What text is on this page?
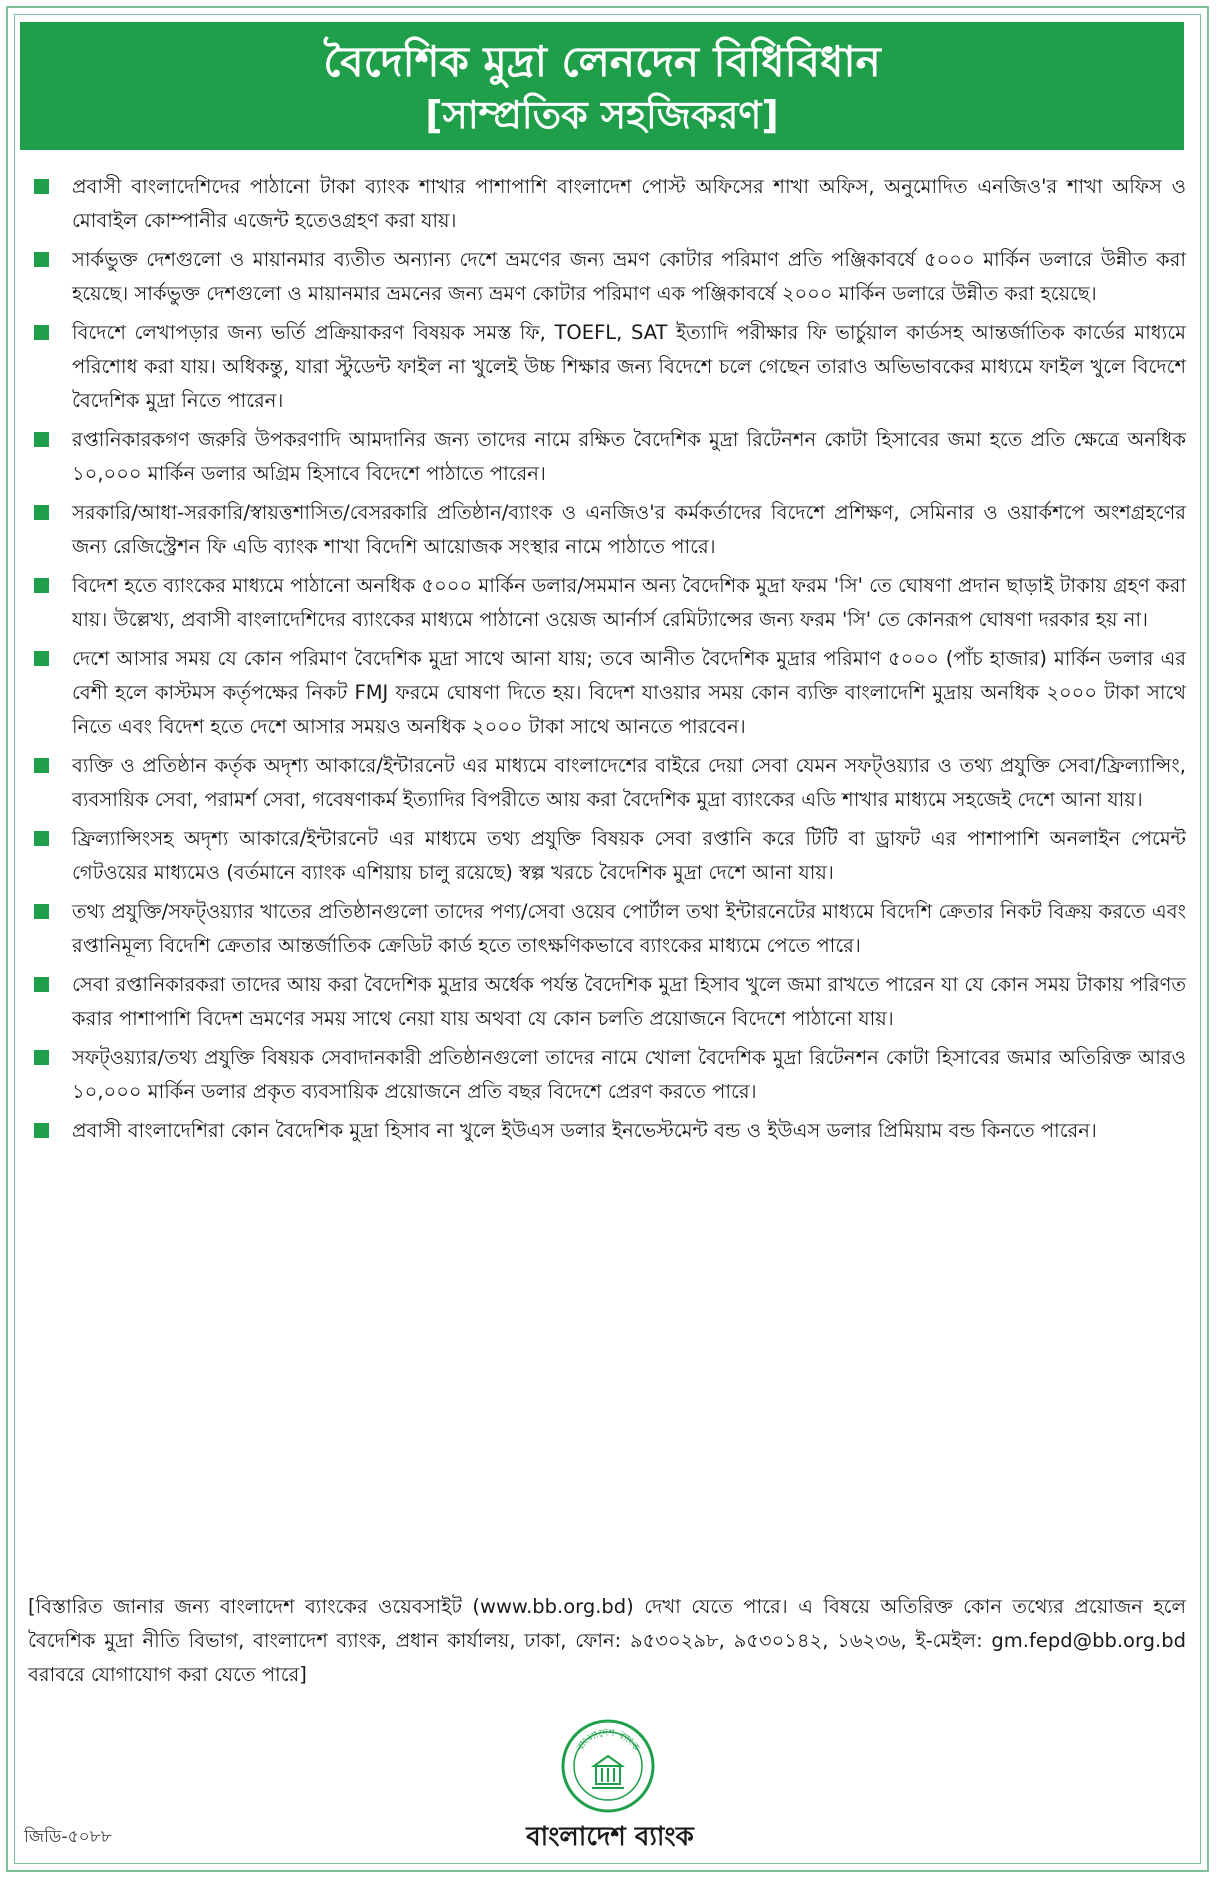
বৈদেশিক মুদ্রা লেনদেন বিধিবিধান
[সাম্প্রতিক সহজিকরণ]
প্রবাসী বাংলাদেশিদের পাঠানো টাকা ব্যাংক শাখার পাশাপাশি বাংলাদেশ পোস্ট অফিসের শাখা অফিস, অনুমোদিত এনজিও'র শাখা অফিস ও মোবাইল কোম্পানীর এজেন্ট হতেওগ্রহণ করা যায়।
সার্কভুক্ত দেশগুলো ও মায়ানমার ব্যতীত অন্যান্য দেশে ভ্রমণের জন্য ভ্রমণ কোটার পরিমাণ প্রতি পঞ্জিকাবর্ষে ৫০০০ মার্কিন ডলারে উন্নীত করা হয়েছে। সার্কভুক্ত দেশগুলো ও মায়ানমার ভ্রমনের জন্য ভ্রমণ কোটার পরিমাণ এক পঞ্জিকাবর্ষে ২০০০ মার্কিন ডলারে উন্নীত করা হয়েছে।
বিদেশে লেখাপড়ার জন্য ভর্তি প্রক্রিয়াকরণ বিষয়ক সমস্ত ফি, TOEFL, SAT ইত্যাদি পরীক্ষার ফি ভার্চুয়াল কার্ডসহ আন্তর্জাতিক কার্ডের মাধ্যমে পরিশোধ করা যায়। অধিকন্তু, যারা স্টুডেন্ট ফাইল না খুলেই উচ্চ শিক্ষার জন্য বিদেশে চলে গেছেন তারাও অভিভাবকের মাধ্যমে ফাইল খুলে বিদেশে বৈদেশিক মুদ্রা নিতে পারেন।
রপ্তানিকারকগণ জরুরি উপকরণাদি আমদানির জন্য তাদের নামে রক্ষিত বৈদেশিক মুদ্রা রিটেনশন কোটা হিসাবের জমা হতে প্রতি ক্ষেত্রে অনধিক ১০,০০০ মার্কিন ডলার অগ্রিম হিসাবে বিদেশে পাঠাতে পারেন।
সরকারি/আধা-সরকারি/স্বায়ত্তশাসিত/বেসরকারি প্রতিষ্ঠান/ব্যাংক ও এনজিও'র কর্মকর্তাদের বিদেশে প্রশিক্ষণ, সেমিনার ও ওয়ার্কশপে অংশগ্রহণের জন্য রেজিস্ট্রেশন ফি এডি ব্যাংক শাখা বিদেশি আয়োজক সংস্থার নামে পাঠাতে পারে।
বিদেশ হতে ব্যাংকের মাধ্যমে পাঠানো অনধিক ৫০০০ মার্কিন ডলার/সমমান অন্য বৈদেশিক মুদ্রা ফরম 'সি' তে ঘোষণা প্রদান ছাড়াই টাকায় গ্রহণ করা যায়। উল্লেখ্য, প্রবাসী বাংলাদেশিদের ব্যাংকের মাধ্যমে পাঠানো ওয়েজ আর্নার্স রেমিট্যান্সের জন্য ফরম 'সি' তে কোনরূপ ঘোষণা দরকার হয় না।
দেশে আসার সময় যে কোন পরিমাণ বৈদেশিক মুদ্রা সাথে আনা যায়; তবে আনীত বৈদেশিক মুদ্রার পরিমাণ ৫০০০ (পাঁচ হাজার) মার্কিন ডলার এর বেশী হলে কাস্টমস কর্তৃপক্ষের নিকট FMJ ফরমে ঘোষণা দিতে হয়। বিদেশ যাওয়ার সময় কোন ব্যক্তি বাংলাদেশি মুদ্রায় অনধিক ২০০০ টাকা সাথে নিতে এবং বিদেশ হতে দেশে আসার সময়ও অনধিক ২০০০ টাকা সাথে আনতে পারবেন।
ব্যক্তি ও প্রতিষ্ঠান কর্তৃক অদৃশ্য আকারে/ইন্টারনেট এর মাধ্যমে বাংলাদেশের বাইরে দেয়া সেবা যেমন সফট্ওয়্যার ও তথ্য প্রযুক্তি সেবা/ফ্রিল্যান্সিং, ব্যবসায়িক সেবা, পরামর্শ সেবা, গবেষণাকর্ম ইত্যাদির বিপরীতে আয় করা বৈদেশিক মুদ্রা ব্যাংকের এডি শাখার মাধ্যমে সহজেই দেশে আনা যায়।
ফ্রিল্যান্সিংসহ অদৃশ্য আকারে/ইন্টারনেট এর মাধ্যমে তথ্য প্রযুক্তি বিষয়ক সেবা রপ্তানি করে টিটি বা ড্রাফট এর পাশাপাশি অনলাইন পেমেন্ট গেটওয়ের মাধ্যমেও (বর্তমানে ব্যাংক এশিয়ায় চালু রয়েছে) স্বল্প খরচে বৈদেশিক মুদ্রা দেশে আনা যায়।
তথ্য প্রযুক্তি/সফট্ওয়্যার খাতের প্রতিষ্ঠানগুলো তাদের পণ্য/সেবা ওয়েব পোর্টাল তথা ইন্টারনেটের মাধ্যমে বিদেশি ক্রেতার নিকট বিক্রয় করতে এবং রপ্তানিমূল্য বিদেশি ক্রেতার আন্তর্জাতিক ক্রেডিট কার্ড হতে তাৎক্ষণিকভাবে ব্যাংকের মাধ্যমে পেতে পারে।
সেবা রপ্তানিকারকরা তাদের আয় করা বৈদেশিক মুদ্রার অর্ধেক পর্যন্ত বৈদেশিক মুদ্রা হিসাব খুলে জমা রাখতে পারেন যা যে কোন সময় টাকায় পরিণত করার পাশাপাশি বিদেশ ভ্রমণের সময় সাথে নেয়া যায় অথবা যে কোন চলতি প্রয়োজনে বিদেশে পাঠানো যায়।
সফট্ওয়্যার/তথ্য প্রযুক্তি বিষয়ক সেবাদানকারী প্রতিষ্ঠানগুলো তাদের নামে খোলা বৈদেশিক মুদ্রা রিটেনশন কোটা হিসাবের জমার অতিরিক্ত আরও ১০,০০০ মার্কিন ডলার প্রকৃত ব্যবসায়িক প্রয়োজনে প্রতি বছর বিদেশে প্রেরণ করতে পারে।
প্রবাসী বাংলাদেশিরা কোন বৈদেশিক মুদ্রা হিসাব না খুলে ইউএস ডলার ইনভেস্টমেন্ট বন্ড ও ইউএস ডলার প্রিমিয়াম বন্ড কিনতে পারেন।
[বিস্তারিত জানার জন্য বাংলাদেশ ব্যাংকের ওয়েবসাইট (www.bb.org.bd) দেখা যেতে পারে। এ বিষয়ে অতিরিক্ত কোন তথ্যের প্রয়োজন হলে বৈদেশিক মুদ্রা নীতি বিভাগ, বাংলাদেশ ব্যাংক, প্রধান কার্যালয়, ঢাকা, ফোন: ৯৫৩০২৯৮, ৯৫৩০১৪২, ১৬২৩৬, ই-মেইল: gm.fepd@bb.org.bd বরাবরে যোগাযোগ করা যেতে পারে]
বাংলাদেশ ব্যাংক
বাংলাদেশ ব্যাংক
জিডি-৫০৮৮
